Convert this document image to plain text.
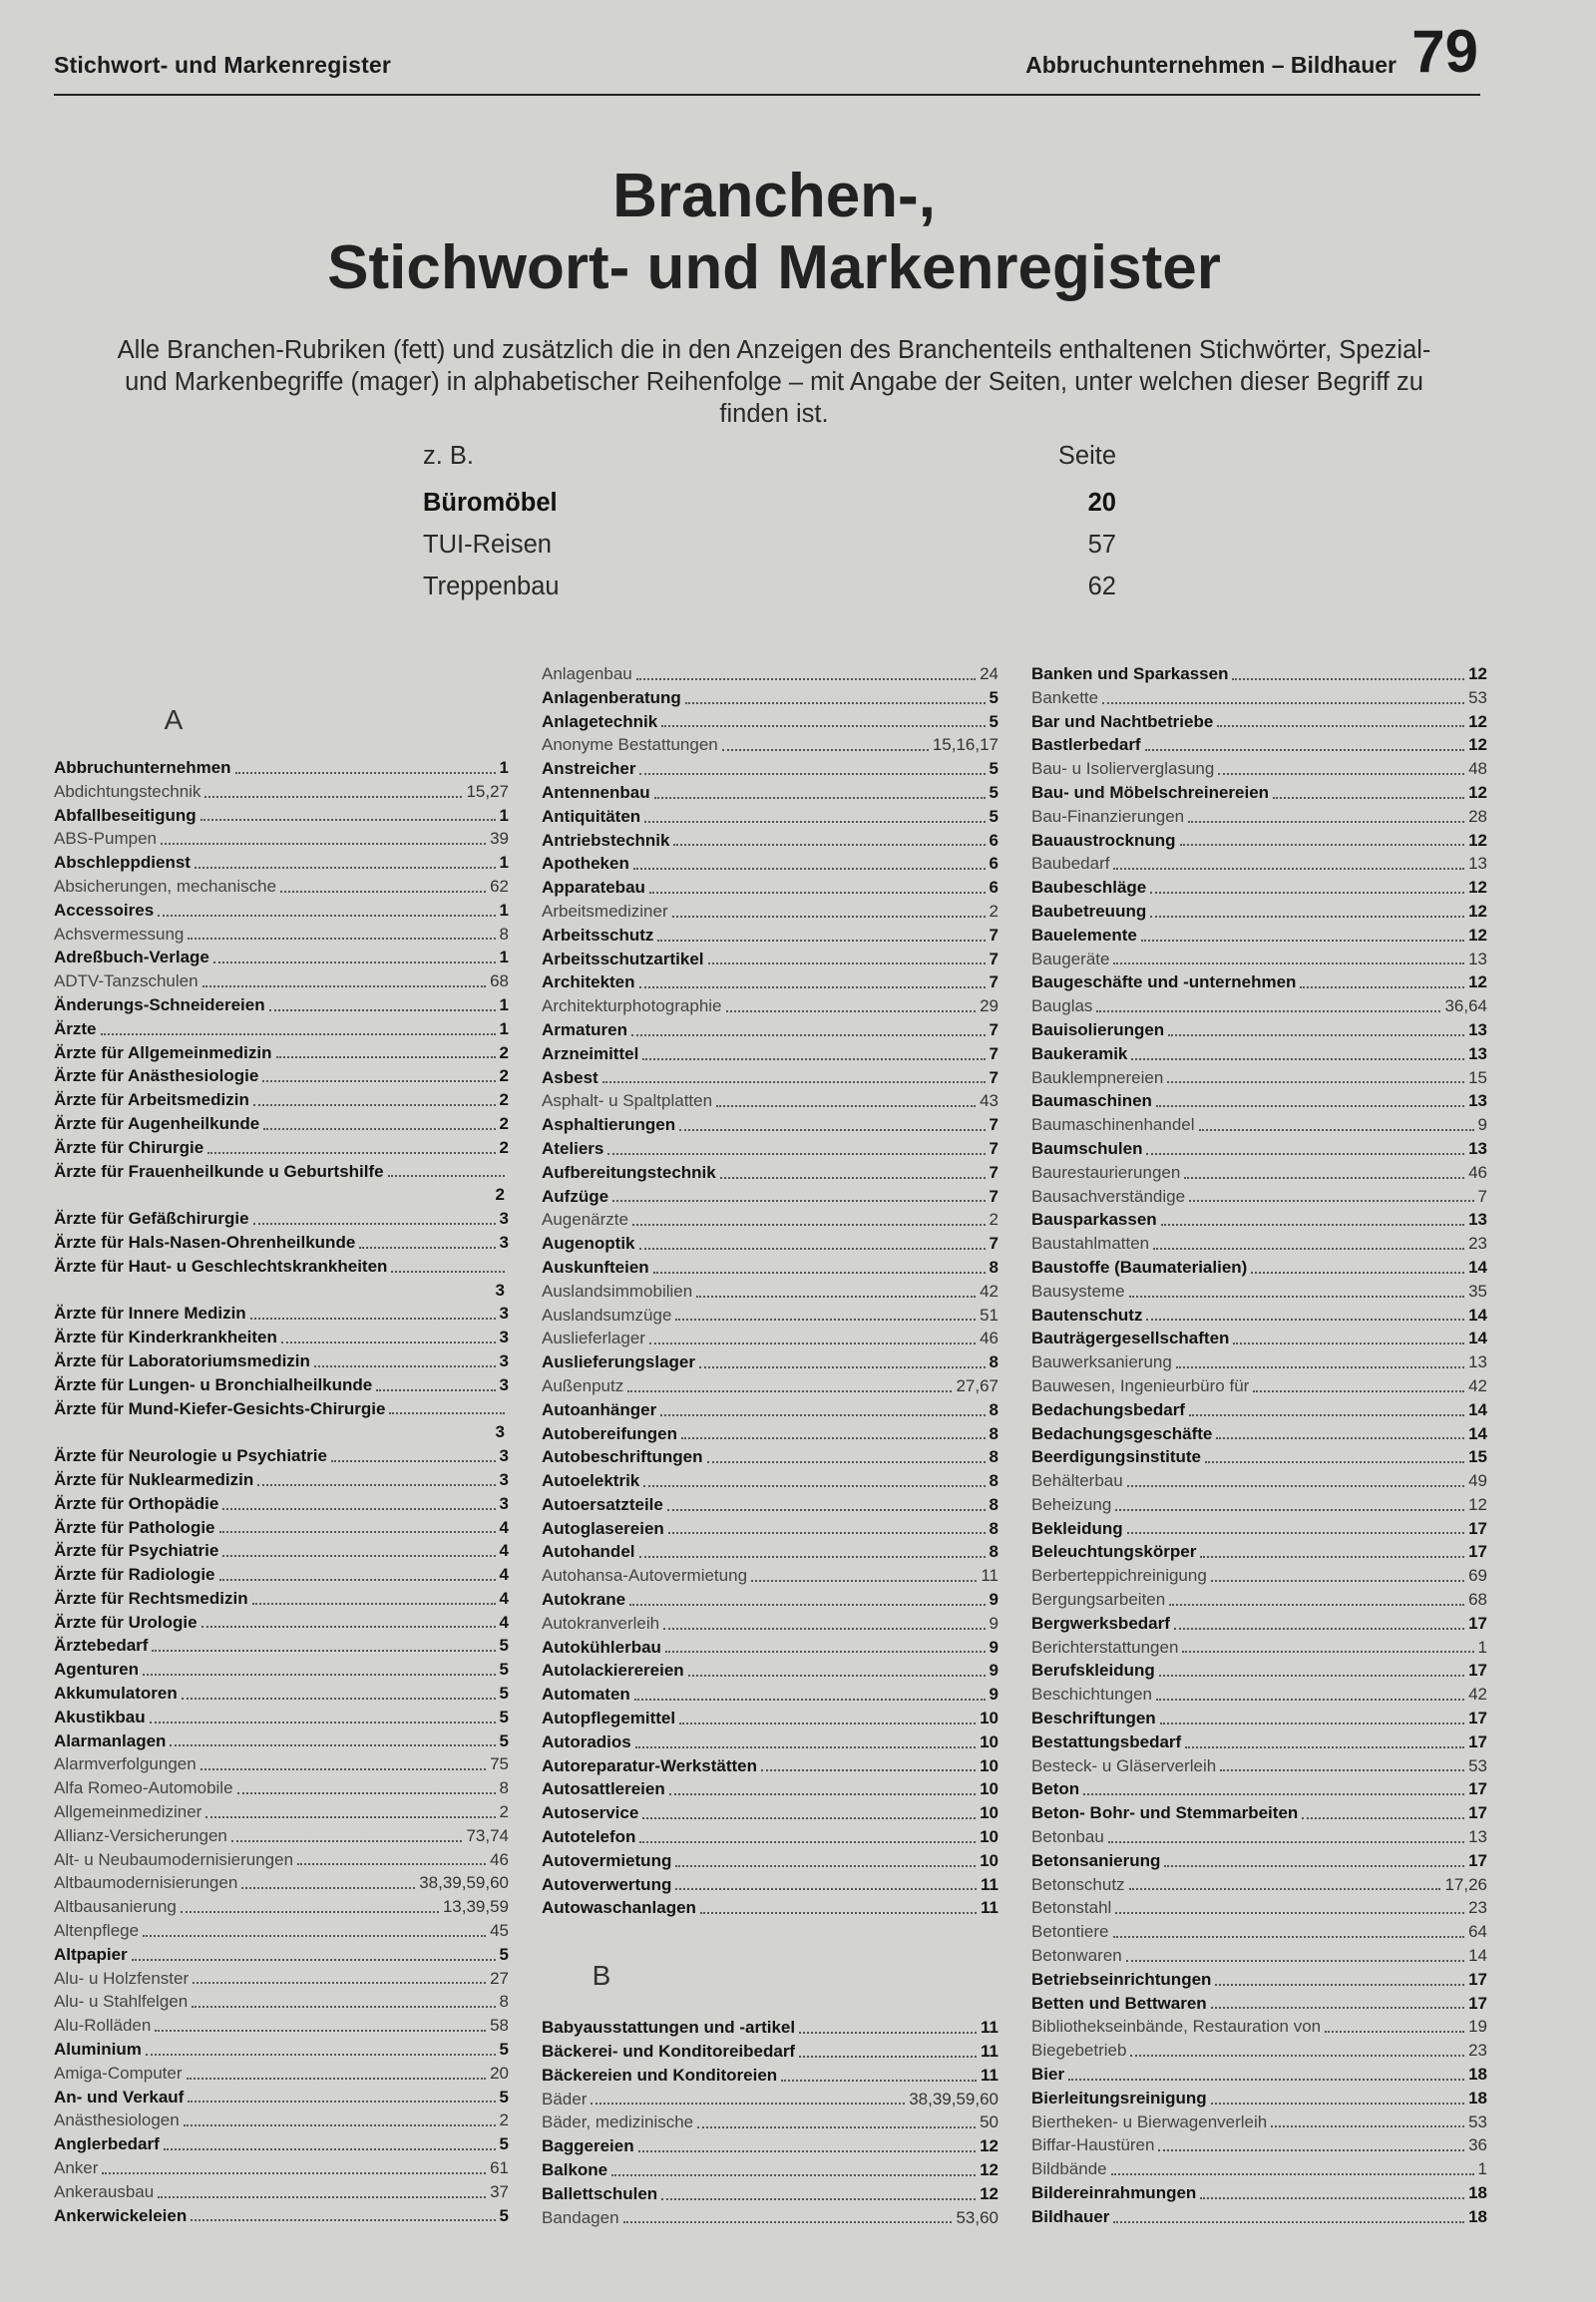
Stichwort- und Markenregister	Abbruchunternehmen – Bildhauer 79
Branchen-,
Stichwort- und Markenregister
Alle Branchen-Rubriken (fett) und zusätzlich die in den Anzeigen des Branchenteils enthaltenen Stichwörter, Spezial- und Markenbegriffe (mager) in alphabetischer Reihenfolge – mit Angabe der Seiten, unter welchen dieser Begriff zu finden ist.
z. B.	Seite
Büromöbel	20
TUI-Reisen	57
Treppenbau	62
A
Abbruchunternehmen	1
Abdichtungstechnik	15,27
Abfallbeseitigung	1
ABS-Pumpen	39
Abschleppdienst	1
Absicherungen, mechanische	62
Accessoires	1
Achsvermessung	8
Adreßbuch-Verlage	1
ADTV-Tanzschulen	68
Änderungs-Schneidereien	1
Ärzte	1
Ärzte für Allgemeinmedizin	2
Ärzte für Anästhesiologie	2
Ärzte für Arbeitsmedizin	2
Ärzte für Augenheilkunde	2
Ärzte für Chirurgie	2
Ärzte für Frauenheilkunde u Geburtshilfe
2
Ärzte für Gefäßchirurgie	3
Ärzte für Hals-Nasen-Ohrenheilkunde	3
Ärzte für Haut- u Geschlechtskrankheiten
3
Ärzte für Innere Medizin	3
Ärzte für Kinderkrankheiten	3
Ärzte für Laboratoriumsmedizin	3
Ärzte für Lungen- u Bronchialheilkunde	3
Ärzte für Mund-Kiefer-Gesichts-Chirurgie
3
Ärzte für Neurologie u Psychiatrie	3
Ärzte für Nuklearmedizin	3
Ärzte für Orthopädie	3
Ärzte für Pathologie	4
Ärzte für Psychiatrie	4
Ärzte für Radiologie	4
Ärzte für Rechtsmedizin	4
Ärzte für Urologie	4
Ärztebedarf	5
Agenturen	5
Akkumulatoren	5
Akustikbau	5
Alarmanlagen	5
Alarmverfolgungen	75
Alfa Romeo-Automobile	8
Allgemeinmediziner	2
Allianz-Versicherungen	73,74
Alt- u Neubaumodernisierungen	46
Altbaumodernisierungen	38,39,59,60
Altbausanierung	13,39,59
Altenpflege	45
Altpapier	5
Alu- u Holzfenster	27
Alu- u Stahlfelgen	8
Alu-Rolläden	58
Aluminium	5
Amiga-Computer	20
An- und Verkauf	5
Anästhesiologen	2
Anglerbedarf	5
Anker	61
Ankerausbau	37
Ankerwickeleien	5
Anlagenbau	24
Anlagenberatung	5
Anlagetechnik	5
Anonyme Bestattungen	15,16,17
Anstreicher	5
Antennenbau	5
Antiquitäten	5
Antriebstechnik	6
Apotheken	6
Apparatebau	6
Arbeitsmediziner	2
Arbeitsschutz	7
Arbeitsschutzartikel	7
Architekten	7
Architekturphotographie	29
Armaturen	7
Arzneimittel	7
Asbest	7
Asphalt- u Spaltplatten	43
Asphaltierungen	7
Ateliers	7
Aufbereitungstechnik	7
Aufzüge	7
Augenärzte	2
Augenoptik	7
Auskunfteien	8
Auslandsimmobilien	42
Auslandsumzüge	51
Auslieferlager	46
Auslieferungslager	8
Außenputz	27,67
Autoanhänger	8
Autobereifungen	8
Autobeschriftungen	8
Autoelektrik	8
Autoersatzteile	8
Autoglasereien	8
Autohandel	8
Autohansa-Autovermietung	11
Autokrane	9
Autokranverleih	9
Autokühlerbau	9
Autolackierereien	9
Automaten	9
Autopflegemittel	10
Autoradios	10
Autoreparatur-Werkstätten	10
Autosattlereien	10
Autoservice	10
Autotelefon	10
Autovermietung	10
Autoverwertung	11
Autowaschanlagen	11
B
Babyausstattungen und -artikel	11
Bäckerei- und Konditoreibedarf	11
Bäckereien und Konditoreien	11
Bäder	38,39,59,60
Bäder, medizinische	50
Baggereien	12
Balkone	12
Ballettschulen	12
Bandagen	53,60
Banken und Sparkassen	12
Bankette	53
Bar und Nachtbetriebe	12
Bastlerbedarf	12
Bau- u Isolierverglasung	48
Bau- und Möbelschreinereien	12
Bau-Finanzierungen	28
Bauaustrocknung	12
Baubedarf	13
Baubeschläge	12
Baubetreuung	12
Bauelemente	12
Baugeräte	13
Baugeschäfte und -unternehmen	12
Bauglas	36,64
Bauisolierungen	13
Baukeramik	13
Bauklempnereien	15
Baumaschinen	13
Baumaschinenhandel	9
Baumschulen	13
Baurestaurierungen	46
Bausachverständige	7
Bausparkassen	13
Baustahlmatten	23
Baustoffe (Baumaterialien)	14
Bausysteme	35
Bautenschutz	14
Bauträgergesellschaften	14
Bauwerksanierung	13
Bauwesen, Ingenieurbüro für	42
Bedachungsbedarf	14
Bedachungsgeschäfte	14
Beerdigungsinstitute	15
Behälterbau	49
Beheizung	12
Bekleidung	17
Beleuchtungskörper	17
Berberteppichreinigung	69
Bergungsarbeiten	68
Bergwerksbedarf	17
Berichterstattungen	1
Berufskleidung	17
Beschichtungen	42
Beschriftungen	17
Bestattungsbedarf	17
Besteck- u Gläserverleih	53
Beton	17
Beton- Bohr- und Stemmarbeiten	17
Betonbau	13
Betonsanierung	17
Betonschutz	17,26
Betonstahl	23
Betontiere	64
Betonwaren	14
Betriebseinrichtungen	17
Betten und Bettwaren	17
Bibliothekseinbände, Restauration von	19
Biegebetrieb	23
Bier	18
Bierleitungsreinigung	18
Biertheken- u Bierwagenverleih	53
Biffar-Haustüren	36
Bildbände	1
Bildereinrahmungen	18
Bildhauer	18
